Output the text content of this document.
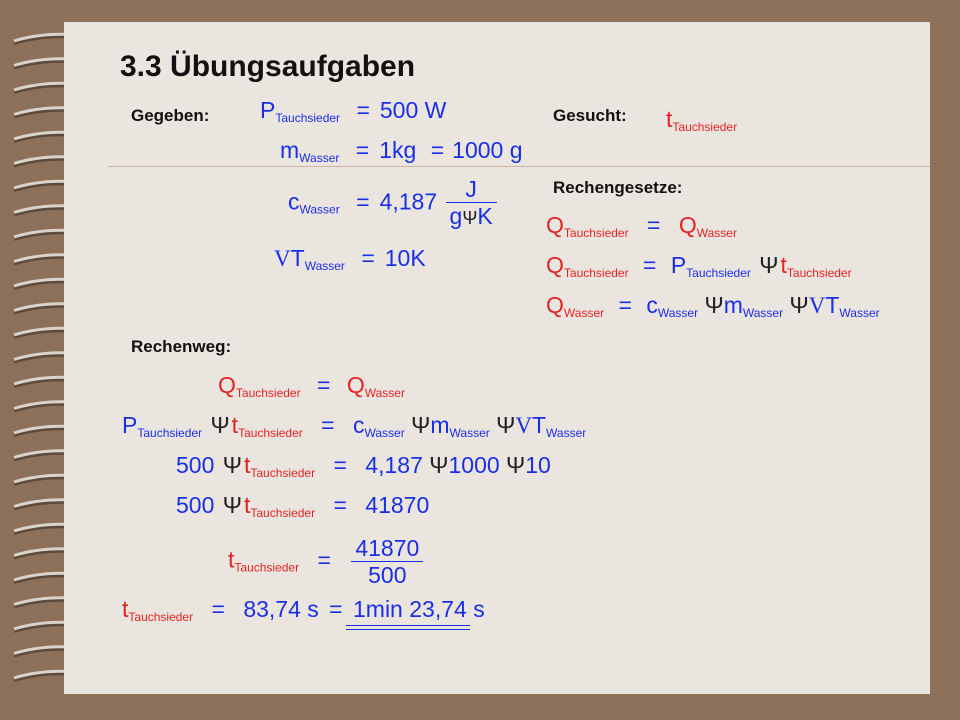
3.3 Übungsaufgaben
Gegeben:	Gesucht:
Rechengesetze:
Rechenweg:
$P_{Tauchsieder} = 500$ W
$m_{Wasser} = 1kg = 1000$ g
$c_{Wasser} = 4,187 \frac{J}{\text{gΨK}}$
$VT_{Wasser} = 10K$
$t_{Tauchsieder}$
$Q_{Tauchsieder} = Q_{Wasser}$
$Q_{Tauchsieder} = P_{Tauchsieder}$ $\Psi t_{Tauchsieder}$
$Q_{Wasser} = c_{Wasser}$ $\Psi m_{Wasser}$ $\Psi VT_{Wasser}$
$Q_{Tauchsieder} = Q_{Wasser}$
$P_{Tauchsieder}$ $\Psi t_{Tauchsieder} = c_{Wasser}$ $\Psi m_{Wasser}$ $\Psi VT_{Wasser}$
500 $\Psi t_{Tauchsieder} = 4,187$ Ψ1000 Ψ10
500 $\Psi t_{Tauchsieder} = 41870$
$t_{Tauchsieder} = \frac{41870}{500}$
$t_{Tauchsieder} = 83,74$ s = 1min 23,74 s
